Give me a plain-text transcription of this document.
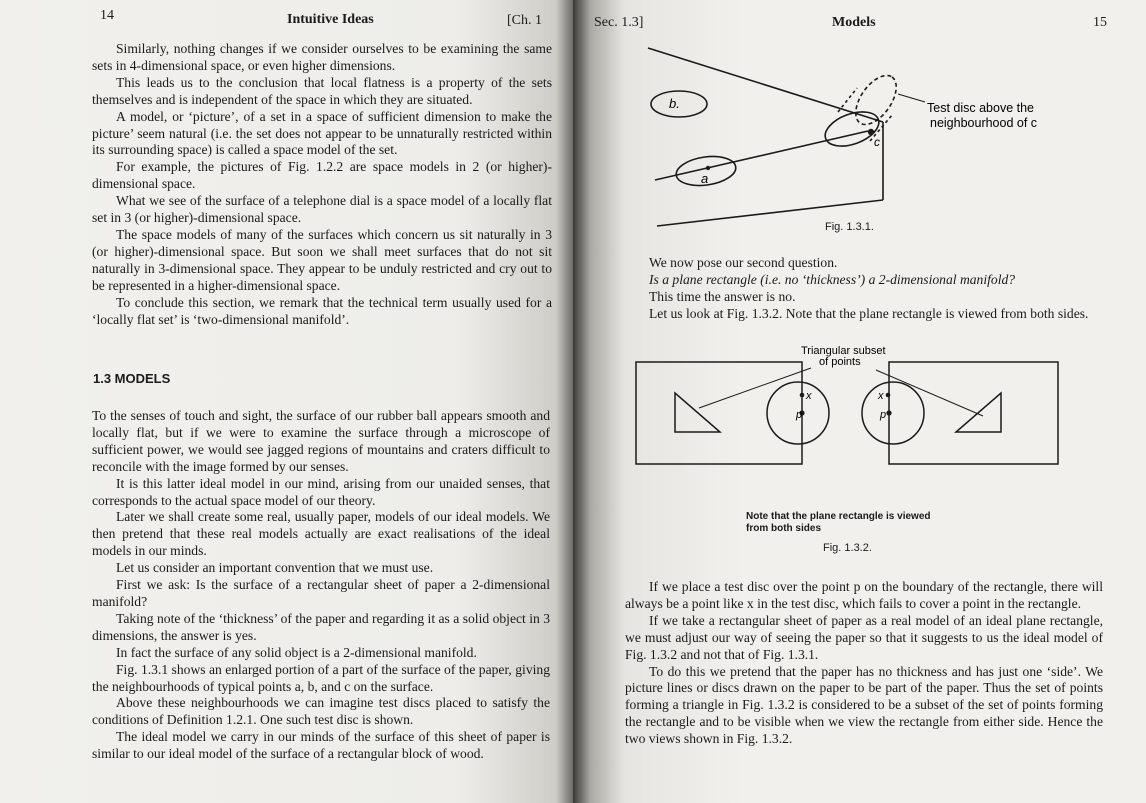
14	Intuitive Ideas	[Ch. 1

Similarly, nothing changes if we consider ourselves to be examining the same sets in 4-dimensional space, or even higher dimensions.

This leads us to the conclusion that local flatness is a property of the sets themselves and is independent of the space in which they are situated.

A model, or ‘picture’, of a set in a space of sufficient dimension to make the picture’ seem natural (i.e. the set does not appear to be unnaturally restricted within its surrounding space) is called a space model of the set.

For example, the pictures of Fig. 1.2.2 are space models in 2 (or higher)-dimensional space.

What we see of the surface of a telephone dial is a space model of a locally flat set in 3 (or higher)-dimensional space.

The space models of many of the surfaces which concern us sit naturally in 3 (or higher)-dimensional space. But soon we shall meet surfaces that do not sit naturally in 3-dimensional space. They appear to be unduly restricted and cry out to be represented in a higher-dimensional space.

To conclude this section, we remark that the technical term usually used for a ‘locally flat set’ is ‘two-dimensional manifold’.

1.3 MODELS

To the senses of touch and sight, the surface of our rubber ball appears smooth and locally flat, but if we were to examine the surface through a microscope of sufficient power, we would see jagged regions of mountains and craters difficult to reconcile with the image formed by our senses.

It is this latter ideal model in our mind, arising from our unaided senses, that corresponds to the actual space model of our theory.

Later we shall create some real, usually paper, models of our ideal models. We then pretend that these real models actually are exact realisations of the ideal models in our minds.

Let us consider an important convention that we must use.

First we ask: Is the surface of a rectangular sheet of paper a 2-dimensional manifold?

Taking note of the ‘thickness’ of the paper and regarding it as a solid object in 3 dimensions, the answer is yes.

In fact the surface of any solid object is a 2-dimensional manifold.

Fig. 1.3.1 shows an enlarged portion of a part of the surface of the paper, giving the neighbourhoods of typical points a, b, and c on the surface.

Above these neighbourhoods we can imagine test discs placed to satisfy the conditions of Definition 1.2.1. One such test disc is shown.

The ideal model we carry in our minds of the surface of this sheet of paper is similar to our ideal model of the surface of a rectangular block of wood.

Sec. 1.3]	Models	15
a
b.
c
Test disc above the
neighbourhood of c
Fig. 1.3.1.

We now pose our second question.

Is a plane rectangle (i.e. no ‘thickness’) a 2-dimensional manifold?

This time the answer is no.

Let us look at Fig. 1.3.2. Note that the plane rectangle is viewed from both sides.

x
p
x
p
Triangular subset
of points
Note that the plane rectangle is viewed
from both sides
Fig. 1.3.2.

If we place a test disc over the point p on the boundary of the rectangle, there will always be a point like x in the test disc, which fails to cover a point in the rectangle.

If we take a rectangular sheet of paper as a real model of an ideal plane rectangle, we must adjust our way of seeing the paper so that it suggests to us the ideal model of Fig. 1.3.2 and not that of Fig. 1.3.1.

To do this we pretend that the paper has no thickness and has just one ‘side’. We picture lines or discs drawn on the paper to be part of the paper. Thus the set of points forming a triangle in Fig. 1.3.2 is considered to be a subset of the set of points forming the rectangle and to be visible when we view the rectangle from either side. Hence the two views shown in Fig. 1.3.2.
